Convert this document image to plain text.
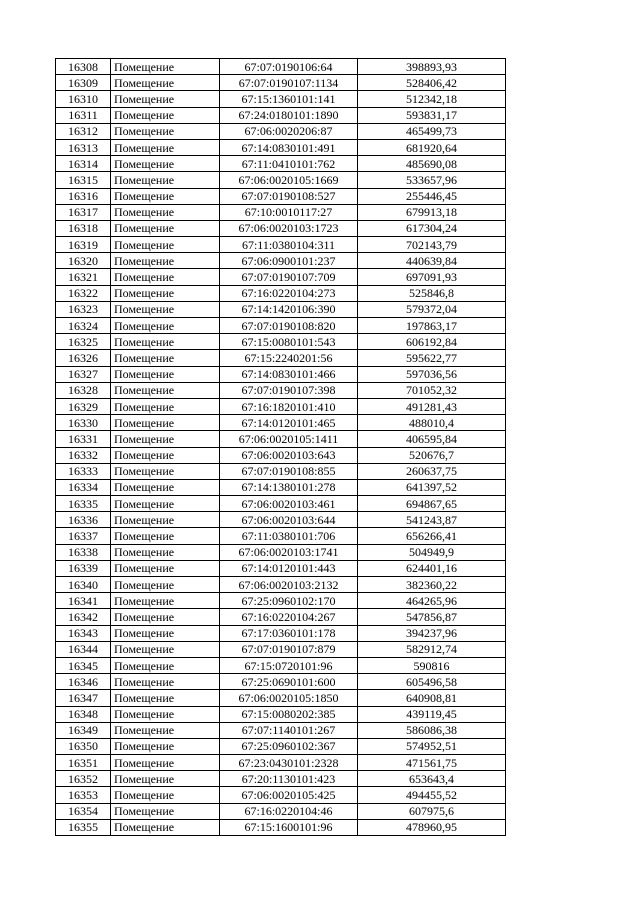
16308	Помещение	67:07:0190106:64	398893,93
16309	Помещение	67:07:0190107:1134	528406,42
16310	Помещение	67:15:1360101:141	512342,18
16311	Помещение	67:24:0180101:1890	593831,17
16312	Помещение	67:06:0020206:87	465499,73
16313	Помещение	67:14:0830101:491	681920,64
16314	Помещение	67:11:0410101:762	485690,08
16315	Помещение	67:06:0020105:1669	533657,96
16316	Помещение	67:07:0190108:527	255446,45
16317	Помещение	67:10:0010117:27	679913,18
16318	Помещение	67:06:0020103:1723	617304,24
16319	Помещение	67:11:0380104:311	702143,79
16320	Помещение	67:06:0900101:237	440639,84
16321	Помещение	67:07:0190107:709	697091,93
16322	Помещение	67:16:0220104:273	525846,8
16323	Помещение	67:14:1420106:390	579372,04
16324	Помещение	67:07:0190108:820	197863,17
16325	Помещение	67:15:0080101:543	606192,84
16326	Помещение	67:15:2240201:56	595622,77
16327	Помещение	67:14:0830101:466	597036,56
16328	Помещение	67:07:0190107:398	701052,32
16329	Помещение	67:16:1820101:410	491281,43
16330	Помещение	67:14:0120101:465	488010,4
16331	Помещение	67:06:0020105:1411	406595,84
16332	Помещение	67:06:0020103:643	520676,7
16333	Помещение	67:07:0190108:855	260637,75
16334	Помещение	67:14:1380101:278	641397,52
16335	Помещение	67:06:0020103:461	694867,65
16336	Помещение	67:06:0020103:644	541243,87
16337	Помещение	67:11:0380101:706	656266,41
16338	Помещение	67:06:0020103:1741	504949,9
16339	Помещение	67:14:0120101:443	624401,16
16340	Помещение	67:06:0020103:2132	382360,22
16341	Помещение	67:25:0960102:170	464265,96
16342	Помещение	67:16:0220104:267	547856,87
16343	Помещение	67:17:0360101:178	394237,96
16344	Помещение	67:07:0190107:879	582912,74
16345	Помещение	67:15:0720101:96	590816
16346	Помещение	67:25:0690101:600	605496,58
16347	Помещение	67:06:0020105:1850	640908,81
16348	Помещение	67:15:0080202:385	439119,45
16349	Помещение	67:07:1140101:267	586086,38
16350	Помещение	67:25:0960102:367	574952,51
16351	Помещение	67:23:0430101:2328	471561,75
16352	Помещение	67:20:1130101:423	653643,4
16353	Помещение	67:06:0020105:425	494455,52
16354	Помещение	67:16:0220104:46	607975,6
16355	Помещение	67:15:1600101:96	478960,95
